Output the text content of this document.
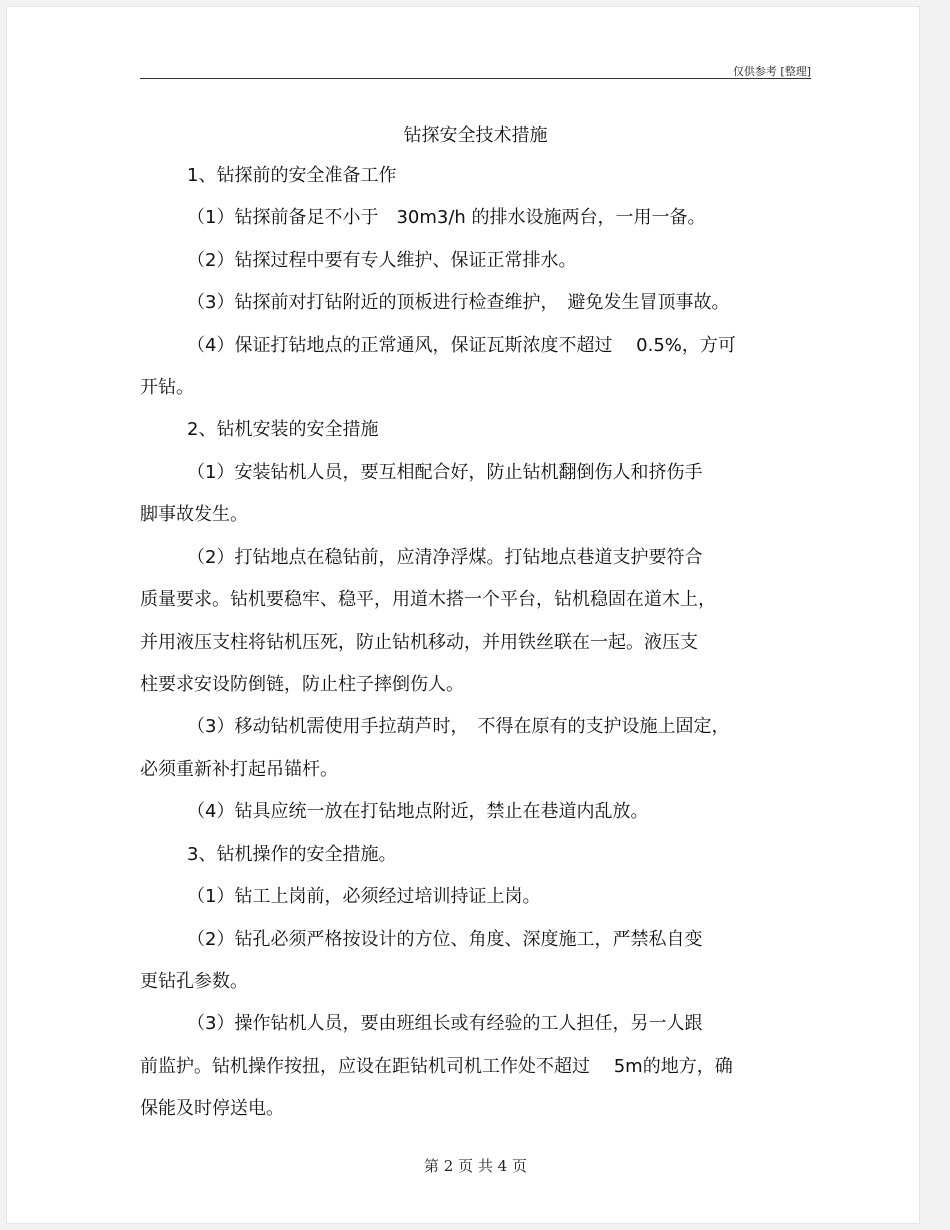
仅供参考 [整理]
钻探安全技术措施
1、钻探前的安全准备工作
（1）钻探前备足不小于　30m3/h 的排水设施两台，一用一备。
（2）钻探过程中要有专人维护、保证正常排水。
（3）钻探前对打钻附近的顶板进行检查维护，　避免发生冒顶事故。
（4）保证打钻地点的正常通风，保证瓦斯浓度不超过　 0.5%，方可
开钻。
2、钻机安装的安全措施
（1）安装钻机人员，要互相配合好，防止钻机翻倒伤人和挤伤手
脚事故发生。
（2）打钻地点在稳钻前，应清净浮煤。打钻地点巷道支护要符合
质量要求。钻机要稳牢、稳平，用道木搭一个平台，钻机稳固在道木上，
并用液压支柱将钻机压死，防止钻机移动，并用铁丝联在一起。液压支
柱要求安设防倒链，防止柱子摔倒伤人。
（3）移动钻机需使用手拉葫芦时，　不得在原有的支护设施上固定，
必须重新补打起吊锚杆。
（4）钻具应统一放在打钻地点附近，禁止在巷道内乱放。
3、钻机操作的安全措施。
（1）钻工上岗前，必须经过培训持证上岗。
（2）钻孔必须严格按设计的方位、角度、深度施工，严禁私自变
更钻孔参数。
（3）操作钻机人员，要由班组长或有经验的工人担任，另一人跟
前监护。钻机操作按扭，应设在距钻机司机工作处不超过　 5m的地方，确
保能及时停送电。
第 2 页 共 4 页
